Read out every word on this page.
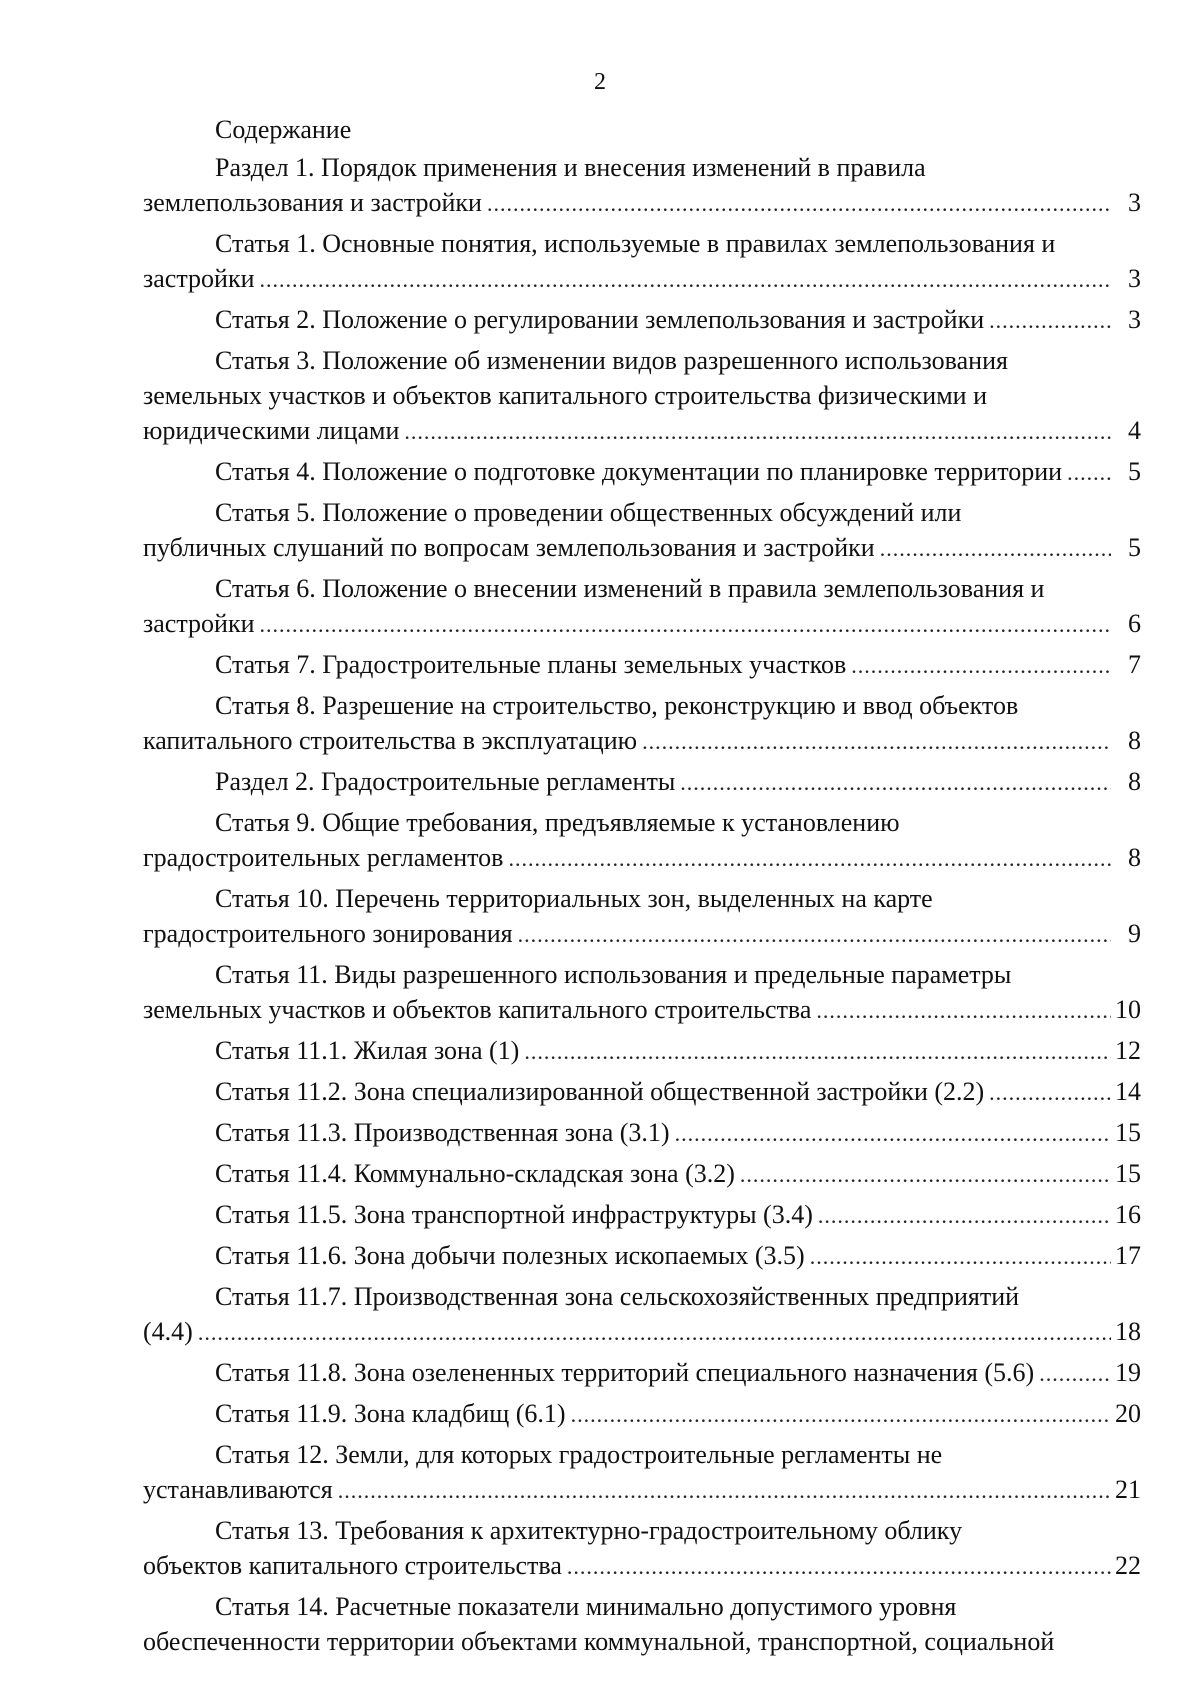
2
Содержание
Раздел 1. Порядок применения и внесения изменений в правила
землепользования и застройки .....	3
Статья 1. Основные понятия, используемые в правилах землепользования и
застройки .....	3
Статья 2. Положение о регулировании землепользования и застройки .....	3
Статья 3. Положение об изменении видов разрешенного использования
земельных участков и объектов капитального строительства физическими и
юридическими лицами .....	4
Статья 4. Положение о подготовке документации по планировке территории .....	5
Статья 5. Положение о проведении общественных обсуждений или
публичных слушаний по вопросам землепользования и застройки .....	5
Статья 6. Положение о внесении изменений в правила землепользования и
застройки .....	6
Статья 7. Градостроительные планы земельных участков .....	7
Статья 8. Разрешение на строительство, реконструкцию и ввод объектов
капитального строительства в эксплуатацию .....	8
Раздел 2. Градостроительные регламенты .....	8
Статья 9. Общие требования, предъявляемые к установлению
градостроительных регламентов .....	8
Статья 10. Перечень территориальных зон, выделенных на карте
градостроительного зонирования .....	9
Статья 11. Виды разрешенного использования и предельные параметры
земельных участков и объектов капитального строительства .....	10
Статья 11.1. Жилая зона (1) .....	12
Статья 11.2. Зона специализированной общественной застройки (2.2) .....	14
Статья 11.3. Производственная зона (3.1) .....	15
Статья 11.4. Коммунально-складская зона (3.2) .....	15
Статья 11.5. Зона транспортной инфраструктуры (3.4) .....	16
Статья 11.6. Зона добычи полезных ископаемых (3.5) .....	17
Статья 11.7. Производственная зона сельскохозяйственных предприятий
(4.4) .....	18
Статья 11.8. Зона озелененных территорий специального назначения (5.6) .....	19
Статья 11.9. Зона кладбищ (6.1) .....	20
Статья 12. Земли, для которых градостроительные регламенты не
устанавливаются .....	21
Статья 13. Требования к архитектурно-градостроительному облику
объектов капитального строительства .....	22
Статья 14. Расчетные показатели минимально допустимого уровня
обеспеченности территории объектами коммунальной, транспортной, социальной
